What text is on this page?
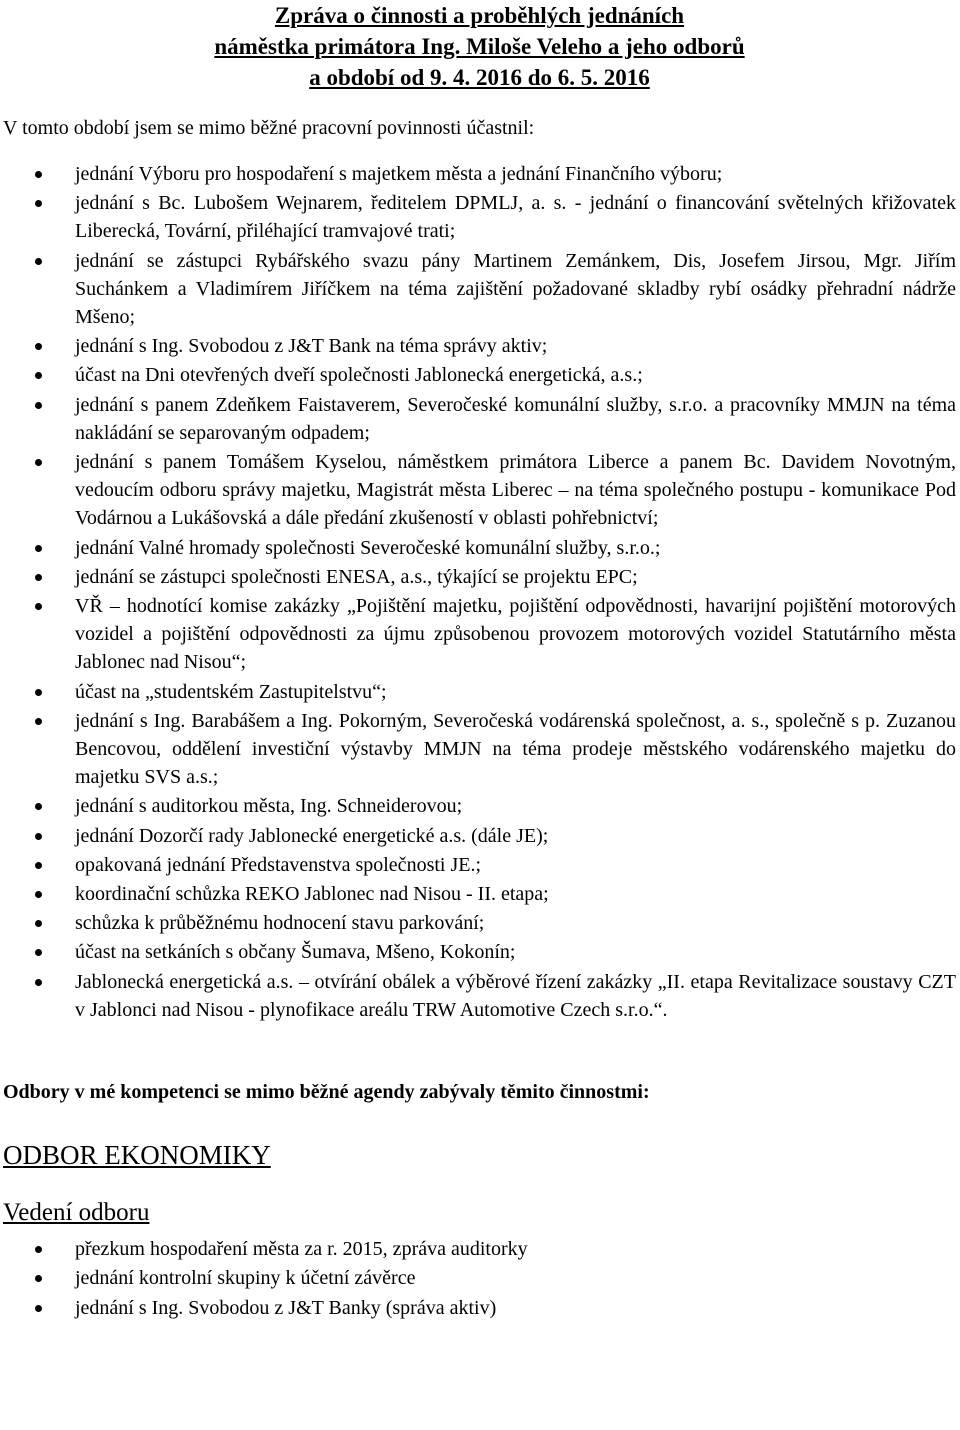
Zpráva o činnosti a proběhlých jednáních
náměstka primátora Ing. Miloše Veleho a jeho odborů
a období od 9. 4. 2016 do 6. 5. 2016

V tomto období jsem se mimo běžné pracovní povinnosti účastnil:

jednání Výboru pro hospodaření s majetkem města a jednání Finančního výboru;
jednání s Bc. Lubošem Wejnarem, ředitelem DPMLJ, a. s. - jednání o financování světelných křižovatek Liberecká, Tovární, přiléhající tramvajové trati;
jednání se zástupci Rybářského svazu pány Martinem Zemánkem, Dis, Josefem Jirsou, Mgr. Jiřím Suchánkem a Vladimírem Jiříčkem na téma zajištění požadované skladby rybí osádky přehradní nádrže Mšeno;
jednání s Ing. Svobodou z J&T Bank na téma správy aktiv;
účast na Dni otevřených dveří společnosti Jablonecká energetická, a.s.;
jednání s panem Zdeňkem Faistaverem, Severočeské komunální služby, s.r.o. a pracovníky MMJN na téma nakládání se separovaným odpadem;
jednání s panem Tomášem Kyselou, náměstkem primátora Liberce a panem Bc. Davidem Novotným, vedoucím odboru správy majetku, Magistrát města Liberec – na téma společného postupu - komunikace Pod Vodárnou a Lukášovská a dále předání zkušeností v oblasti pohřebnictví;
jednání Valné hromady společnosti Severočeské komunální služby, s.r.o.;
jednání se zástupci společnosti ENESA, a.s., týkající se projektu EPC;
VŘ – hodnotící komise zakázky „Pojištění majetku, pojištění odpovědnosti, havarijní pojištění motorových vozidel a pojištění odpovědnosti za újmu způsobenou provozem motorových vozidel Statutárního města Jablonec nad Nisou“;
účast na „studentském Zastupitelstvu“;
jednání s Ing. Barabášem a Ing. Pokorným, Severočeská vodárenská společnost, a. s., společně s p. Zuzanou Bencovou, oddělení investiční výstavby MMJN na téma prodeje městského vodárenského majetku do majetku SVS a.s.;
jednání s auditorkou města, Ing. Schneiderovou;
jednání Dozorčí rady Jablonecké energetické a.s. (dále JE);
opakovaná jednání Představenstva společnosti JE.;
koordinační schůzka REKO Jablonec nad Nisou - II. etapa;
schůzka k průběžnému hodnocení stavu parkování;
účast na setkáních s občany Šumava, Mšeno, Kokonín;
Jablonecká energetická a.s. – otvírání obálek a výběrové řízení zakázky „II. etapa Revitalizace soustavy CZT v Jablonci nad Nisou - plynofikace areálu TRW Automotive Czech s.r.o.“.

Odbory v mé kompetenci se mimo běžné agendy zabývaly těmito činnostmi:

ODBOR EKONOMIKY
Vedení odboru
přezkum hospodaření města za r. 2015, zpráva auditorky
jednání kontrolní skupiny k účetní závěrce
jednání s Ing. Svobodou z J&T Banky (správa aktiv)
